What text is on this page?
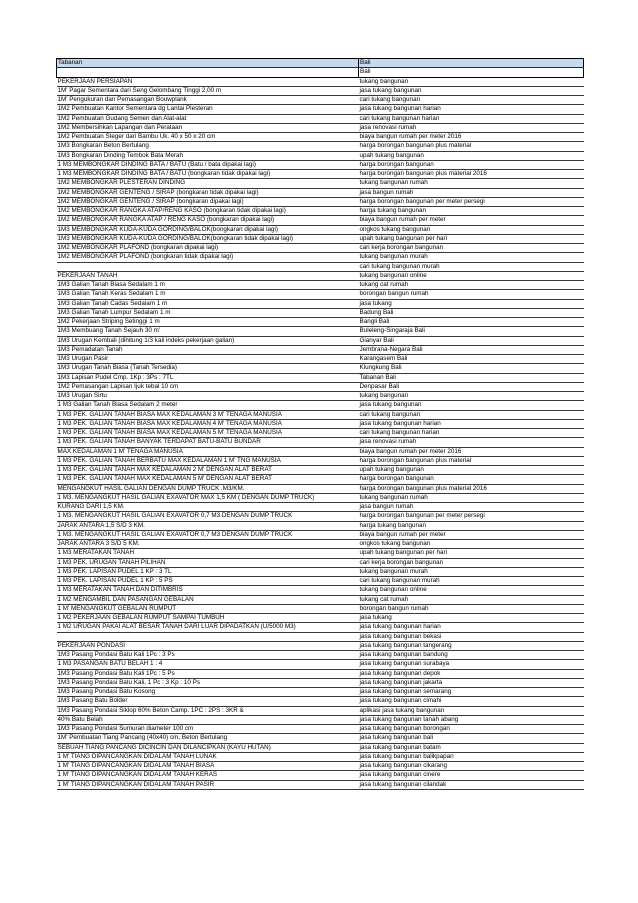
Tabanan	Bali
	Bali
PEKERJAAN PERSIAPAN	tukang bangunan
1M' Pagar Sementara dari Seng Gelombang Tinggi 2,00 m	jasa tukang bangunan
1M' Pengukuran dan Pemasangan Bouwplank	cari tukang bangunan
1M2 Pembuatan Kantor Sementara dg Lantai Plesteran	jasa tukang bangunan harian
1M2 Pembuatan Gudang Semen dan Alat-alat	cari tukang bangunan harian
1M2 Membersihkan Lapangan dan Perataan	jasa renovasi rumah
1M2 Pembuatan Steger dari Bambu Uk. 40 x 50 x 20 cm	biaya bangun rumah per meter 2016
1M3 Bongkaran Beton Bertulang	harga borongan bangunan plus material
1M3 Bongkaran Dinding Tembok Bata Merah	upah tukang bangunan
1 M3 MEMBONGKAR DINDING BATA / BATU (Batu / bata dipakai lagi)	harga borongan bangunan
1 M3 MEMBONGKAR DINDING BATA / BATU (bongkaran tidak dipakai lagi)	harga borongan bangunan plus material 2016
1M2 MEMBONGKAR PLESTERAN DINDING	tukang bangunan rumah
1M2 MEMBONGKAR GENTENG / SIRAP (bongkaran tidak dipakai lagi)	jasa bangun rumah
1M2 MEMBONGKAR GENTENG / SIRAP (bongkaran dipakai lagi)	harga borongan bangunan per meter persegi
1M2 MEMBONGKAR RANGKA ATAP/RENG KASO (bongkaran tidak dipakai lagi)	harga tukang bangunan
1M2 MEMBONGKAR RANGKA ATAP / RENG KASO (bongkaran dipakai lagi)	biaya bangun rumah per meter
1M3 MEMBONGKAR KUDA-KUDA GORDING/BALOK(bongkaran dipakai lagi)	ongkos tukang bangunan
1M3 MEMBONGKAR KUDA-KUDA GORDING/BALOK(bongkaran tidak dipakai lagi)	upah tukang bangunan per hari
1M2 MEMBONGKAR PLAFOND (bongkaran dipakai lagi)	cari kerja borongan bangunan
1M2 MEMBONGKAR PLAFOND (bongkaran tidak dipakai lagi)	tukang bangunan murah
	cari tukang bangunan murah
PEKERJAAN TANAH	tukang bangunan online
1M3 Galian Tanah Biasa Sedalam 1 m	tukang cat rumah
1M3 Galian Tanah Keras Sedalam 1 m	borongan bangun rumah
1M3 Galian Tanah Cadas Sedalam 1 m	jasa tukang
1M3 Galian Tanah Lumpur Sedalam 1 m	Badung Bali
1M2 Pekerjaan Striping Setinggi 1 m	Bangli Bali
1M3 Membuang Tanah Sejauh 30 m'	Buleleng-Singaraja Bali
1M3 Urugan Kembali (dihitung 1/3 kali indeks pekerjaan galian)	Gianyar Bali
1M3 Pemadatan Tanah	Jembrana-Negara Bali
1M3 Urugan Pasir	Karangasem Bali
1M3 Urugan Tanah Biasa (Tanah Tersedia)	Klungkung Bali
1M3 Lapisan Pudel Cmp. 1Kp : 3Ps : 7TL	Tabanan Bali
1M2 Pemasangan Lapisan Ijuk tebal 10 cm	Denpasar Bali
1M3 Urugan Sirtu	tukang bangunan
1 M3 Galian Tanah Biasa Sedalam 2 meter	jasa tukang bangunan
1 M3 PEK. GALIAN TANAH BIASA MAX KEDALAMAN 3 M' TENAGA MANUSIA	cari tukang bangunan
1 M3 PEK. GALIAN TANAH BIASA MAX KEDALAMAN 4 M' TENAGA MANUSIA	jasa tukang bangunan harian
1 M3 PEK. GALIAN TANAH BIASA MAX KEDALAMAN 5 M' TENAGA MANUSIA	cari tukang bangunan harian
1 M3 PEK. GALIAN TANAH BANYAK TERDAPAT BATU-BATU BUNDAR	jasa renovasi rumah
MAX KEDALAMAN 1 M' TENAGA MANUSIA	biaya bangun rumah per meter 2016
1 M3 PEK. GALIAN TANAH BERBATU MAX KEDALAMAN 1 M' TNG MANUSIA	harga borongan bangunan plus material
1 M3 PEK. GALIAN TANAH MAX KEDALAMAN 2 M' DENGAN ALAT BERAT	upah tukang bangunan
1 M3 PEK. GALIAN TANAH MAX KEDALAMAN 5 M' DENGAN ALAT BERAT	harga borongan bangunan
MENGANGKUT HASIL GALIAN DENGAN DUMP TRUCK .M3/KM.	harga borongan bangunan plus material 2016
1 M3. MENGANGKUT HASIL GALIAN EXAVATOR MAX 1,5 KM ( DENGAN DUMP TRUCK)	tukang bangunan rumah
KURANG DARI 1,5 KM.	jasa bangun rumah
1 M3. MENGANGKUT HASIL GALIAN EXAVATOR 0,7 M3 DENGAN DUMP TRUCK	harga borongan bangunan per meter persegi
JARAK ANTARA 1,5 S/D 3 KM.	harga tukang bangunan
1 M3. MENGANGKUT HASIL GALIAN EXAVATOR 0,7 M3 DENGAN DUMP TRUCK	biaya bangun rumah per meter
JARAK ANTARA 3 S/D 5 KM.	ongkos tukang bangunan
1 M3 MERATAKAN TANAH	upah tukang bangunan per hari
1 M3 PEK. URUGAN TANAH PILIHAN	cari kerja borongan bangunan
1 M3 PEK. LAPISAN PUDEL 1 KP : 3 TL	tukang bangunan murah
1 M3 PEK. LAPISAN PUDEL 1 KP : 5 PS	cari tukang bangunan murah
1 M3 MERATAKAN TANAH DAN DITIMBRIS	tukang bangunan online
1 M2 MENGAMBIL DAN PASANGAN GEBALAN	tukang cat rumah
1 M' MENGANGKUT GEBALAN RUMPUT	borongan bangun rumah
1 M2 PEKERJAAN GEBALAN RUMPUT SAMPAI TUMBUH	jasa tukang
1 M2 URUGAN PAKAI ALAT BESAR TANAH DARI LUAR DIPADATKAN (U/5000 M3)	jasa tukang bangunan harian
	jasa tukang bangunan bekasi
PEKERJAAN PONDASI	jasa tukang bangunan tangerang
1M3 Pasang Pondasi Batu Kali 1Pc : 3 Ps	jasa tukang bangunan bandung
1 M3 PASANGAN BATU BELAH 1 : 4	jasa tukang bangunan surabaya
1M3 Pasang Pondasi Batu Kali 1Pc : 5 Ps	jasa tukang bangunan depok
1M3 Pasang Pondasi Batu Kali, 1 Pc : 3 Kp : 10 Ps	jasa tukang bangunan jakarta
1M3 Pasang Pondasi Batu Kosong	jasa tukang bangunan semarang
1M3 Pasang Batu Bolder	jasa tukang bangunan cimahi
1M3 Pasang Pondasi Siklop 60% Beton Camp. 1PC : 2PS : 3KR &	aplikasi jasa tukang bangunan
40% Batu Belah	jasa tukang bangunan tanah abang
1M3 Pasang Pondasi Sumuran diameter 100 cm	jasa tukang bangunan borongan
1M' Pembuatan Tiang Pancang (40x40) cm, Beton Bertulang	jasa tukang bangunan bali
SEBUAH TIANG PANCANG DICINCIN DAN DILANCIPKAN (KAYU HUTAN)	jasa tukang bangunan batam
1 M' TIANG DIPANCANGKAN DIDALAM TANAH LUNAK	jasa tukang bangunan balikpapan
1 M' TIANG DIPANCANGKAN DIDALAM TANAH BIASA	jasa tukang bangunan cikarang
1 M' TIANG DIPANCANGKAN DIDALAM TANAH KERAS	jasa tukang bangunan cinere
1 M' TIANG DIPANCANGKAN DIDALAM TANAH PASIR	jasa tukang bangunan cilandak
